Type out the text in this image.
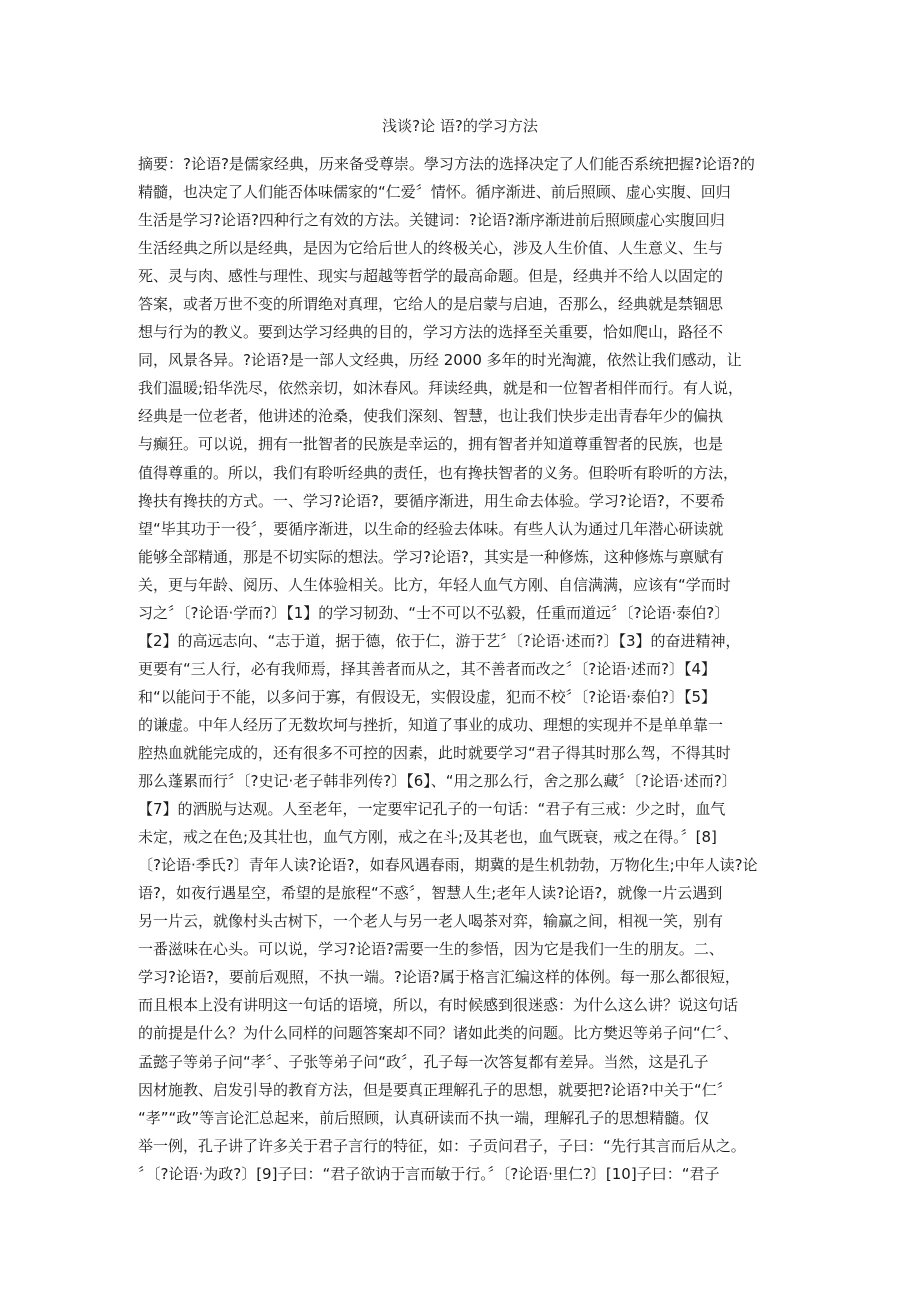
浅谈?论 语?的学习方法
摘要：?论语?是儒家经典，历来备受尊崇。學习方法的选择决定了人们能否系统把握?论语?的
精髓，也决定了人们能否体味儒家的“仁爱〞情怀。循序渐进、前后照顾、虚心实腹、回归
生活是学习?论语?四种行之有效的方法。关键词：?论语?渐序渐进前后照顾虚心实腹回归
生活经典之所以是经典，是因为它给后世人的终极关心，涉及人生价值、人生意义、生与
死、灵与肉、感性与理性、现实与超越等哲学的最高命题。但是，经典并不给人以固定的
答案，或者万世不变的所谓绝对真理，它给人的是启蒙与启迪，否那么，经典就是禁锢思
想与行为的教义。要到达学习经典的目的，学习方法的选择至关重要，恰如爬山，路径不
同，风景各异。?论语?是一部人文经典，历经 2000 多年的时光淘漉，依然让我们感动，让
我们温暖;铅华洗尽，依然亲切，如沐春风。拜读经典，就是和一位智者相伴而行。有人说，
经典是一位老者，他讲述的沧桑，使我们深刻、智慧，也让我们快步走出青春年少的偏执
与癫狂。可以说，拥有一批智者的民族是幸运的，拥有智者并知道尊重智者的民族，也是
值得尊重的。所以，我们有聆听经典的责任，也有搀扶智者的义务。但聆听有聆听的方法，
搀扶有搀扶的方式。一、学习?论语?，要循序渐进，用生命去体验。学习?论语?，不要希
望“毕其功于一役〞，要循序渐进，以生命的经验去体味。有些人认为通过几年潜心研读就
能够全部精通，那是不切实际的想法。学习?论语?，其实是一种修炼，这种修炼与禀赋有
关，更与年龄、阅历、人生体验相关。比方，年轻人血气方刚、自信满满，应该有“学而时
习之〞〔?论语·学而?〕【1】的学习韧劲、“士不可以不弘毅，任重而道远〞〔?论语·泰伯?〕
【2】的高远志向、“志于道，据于德，依于仁，游于艺〞〔?论语·述而?〕【3】的奋进精神，
更要有“三人行，必有我师焉，择其善者而从之，其不善者而改之〞〔?论语·述而?〕【4】
和“以能问于不能，以多问于寡，有假设无，实假设虚，犯而不校〞〔?论语·泰伯?〕【5】
的谦虚。中年人经历了无数坎坷与挫折，知道了事业的成功、理想的实现并不是单单靠一
腔热血就能完成的，还有很多不可控的因素，此时就要学习“君子得其时那么驾，不得其时
那么蓬累而行〞〔?史记·老子韩非列传?〕【6】、“用之那么行，舍之那么藏〞〔?论语·述而?〕
【7】的洒脱与达观。人至老年，一定要牢记孔子的一句话：“君子有三戒：少之时，血气
未定，戒之在色;及其壮也，血气方刚，戒之在斗;及其老也，血气既衰，戒之在得。〞[8]
〔?论语·季氏?〕青年人读?论语?，如春风遇春雨，期冀的是生机勃勃，万物化生;中年人读?论
语?，如夜行遇星空，希望的是旅程“不惑〞，智慧人生;老年人读?论语?，就像一片云遇到
另一片云，就像村头古树下，一个老人与另一老人喝茶对弈，输赢之间，相视一笑，别有
一番滋味在心头。可以说，学习?论语?需要一生的参悟，因为它是我们一生的朋友。二、
学习?论语?，要前后观照，不执一端。?论语?属于格言汇编这样的体例。每一那么都很短，
而且根本上没有讲明这一句话的语境，所以，有时候感到很迷惑：为什么这么讲？说这句话
的前提是什么？为什么同样的问题答案却不同？诸如此类的问题。比方樊迟等弟子问“仁〞、
孟懿子等弟子问“孝〞、子张等弟子问“政〞，孔子每一次答复都有差异。当然，这是孔子
因材施教、启发引导的教育方法，但是要真正理解孔子的思想，就要把?论语?中关于“仁〞
“孝”“政”等言论汇总起来，前后照顾，认真研读而不执一端，理解孔子的思想精髓。仅
举一例，孔子讲了许多关于君子言行的特征，如：子贡问君子，子曰：“先行其言而后从之。
〞〔?论语·为政?〕[9]子曰：“君子欲讷于言而敏于行。〞〔?论语·里仁?〕[10]子曰：“君子
